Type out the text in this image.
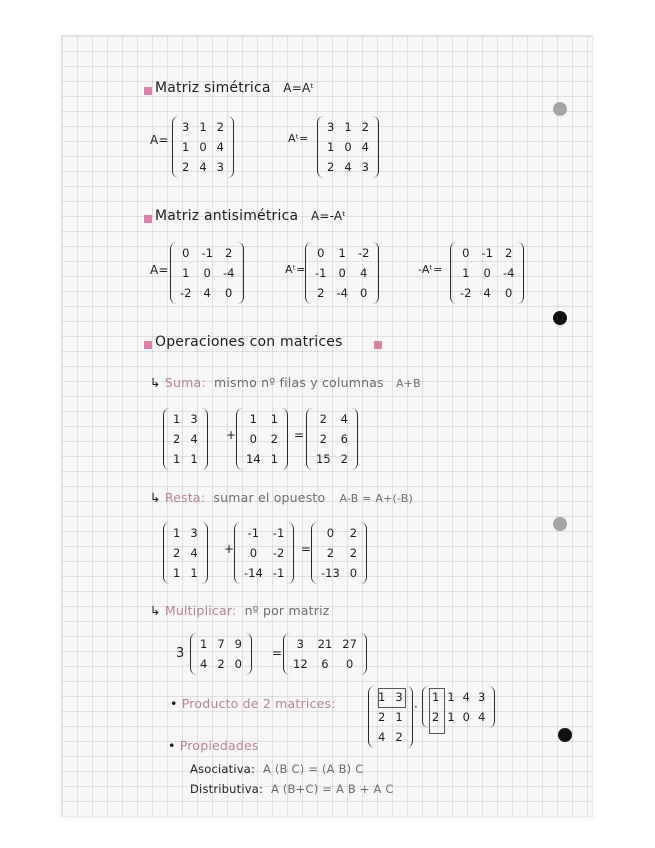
Matriz simétrica A=Aᵗ
A=
3 1 2
1 0 4
2 4 3
Aᵗ=
3 1 2
1 0 4
2 4 3
Matriz antisimétrica A=-Aᵗ
A=
0 -1 2
1 0 -4
-2 4 0
Aᵗ=
0 1 -2
-1 0 4
2 -4 0
-Aᵗ=
0 -1 2
1 0 -4
-2 4 0
Operaciones con matrices
↳ Suma: mismo nº filas y columnas A+B
1 3
2 4
1 1
+
1	1
0	2
14 1
=
2	4
2	6
15 2
↳ Resta: sumar el opuesto A-B = A+(-B)
1 3
2 4
1 1
+
-1	-1
0	-2
-14 -1
=
0	2
2	2
-13 0
↳ Multiplicar: nº por matriz
3
1 7 9
4 2 0
=
3	21 27
12	6	0
• Producto de 2 matrices:	1 3
2 1
4 2
·
1 1 4 3
2 1 0 4
• Propiedades
Asociativa: A (B C) = (A B) C
Distributiva: A (B+C) = A B + A C
